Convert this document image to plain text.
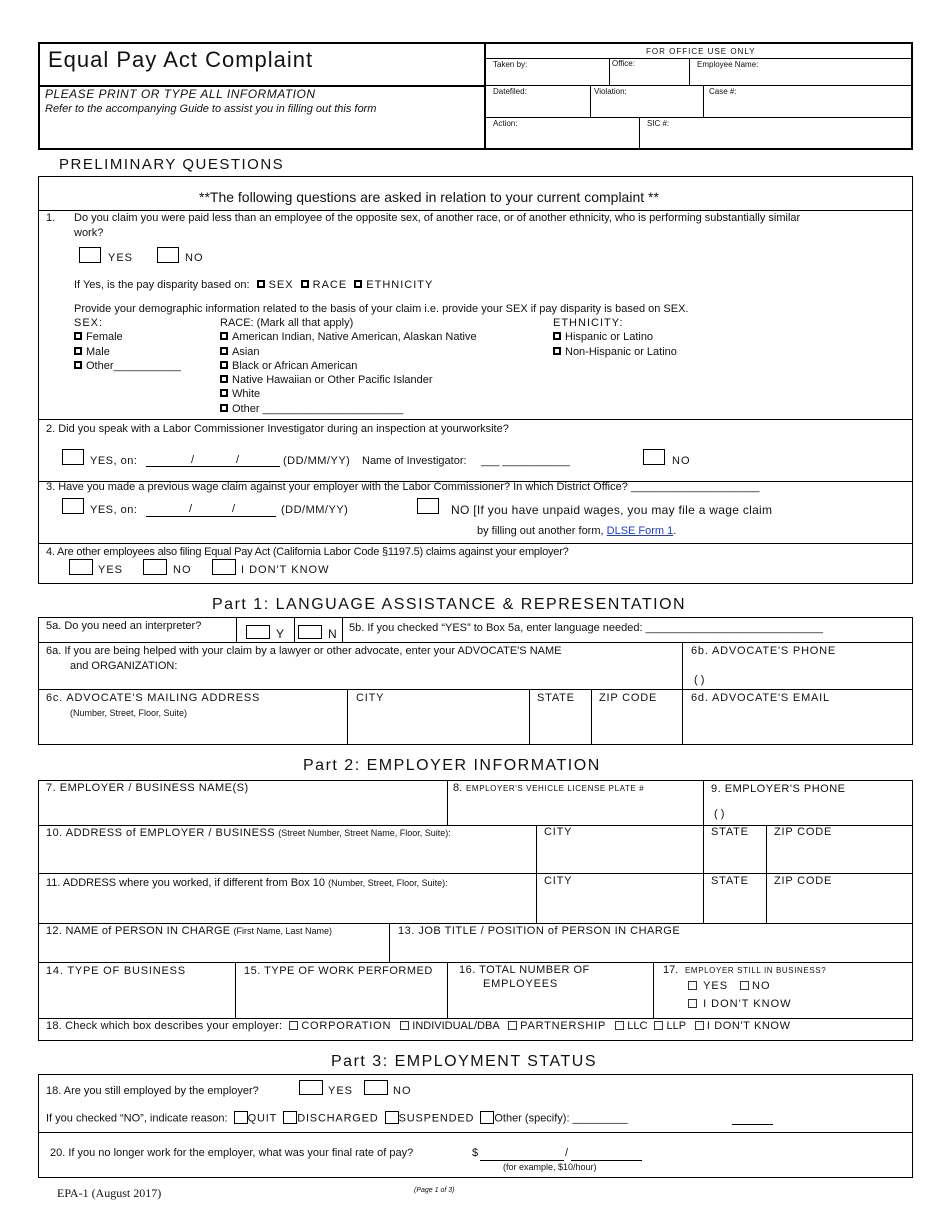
Equal Pay Act Complaint
PLEASE PRINT OR TYPE ALL INFORMATION
Refer to the accompanying Guide to assist you in filling out this form
FOR OFFICE USE ONLY
Taken by:	Office:	Employee Name:
Datefiled:	Violation:	Case #:
Action:	SIC #:
PRELIMINARY QUESTIONS
**The following questions are asked in relation to your current complaint **
1. Do you claim you were paid less than an employee of the opposite sex, of another race, or of another ethnicity, who is performing substantially similar
work?
YES	NO
If Yes, is the pay disparity based on: SEX RACE ETHNICITY
Provide your demographic information related to the basis of your claim i.e. provide your SEX if pay disparity is based on SEX.
SEX:
Female
Male
Other___________
RACE: (Mark all that apply)
American Indian, Native American, Alaskan Native
Asian
Black or African American
Native Hawaiian or Other Pacific Islander
White
Other _______________________
ETHNICITY:
Hispanic or Latino
Non-Hispanic or Latino
2. Did you speak with a Labor Commissioner Investigator during an inspection at yourworksite?
YES, on:	/	/	(DD/MM/YY) Name of Investigator: ___ ___________	NO
3. Have you made a previous wage claim against your employer with the Labor Commissioner? In which District Office? _____________________
YES, on:	/	/	(DD/MM/YY)	NO [If you have unpaid wages, you may file a wage claim
by filling out another form, DLSE Form 1.
4. Are other employees also filing Equal Pay Act (California Labor Code §1197.5) claims against your employer?
YES	NO	I DON'T KNOW
Part 1: LANGUAGE ASSISTANCE & REPRESENTATION
5a. Do you need an interpreter?
Y	N 5b. If you checked “YES” to Box 5a, enter language needed: _____________________________
6a. If you are being helped with your claim by a lawyer or other advocate, enter your ADVOCATE'S NAME
and ORGANIZATION:
6b. ADVOCATE'S PHONE
( )
6c. ADVOCATE'S MAILING ADDRESS
(Number, Street, Floor, Suite)
CITY	STATE ZIP CODE	6d. ADVOCATE'S EMAIL
Part 2: EMPLOYER INFORMATION
7. EMPLOYER / BUSINESS NAME(S)	8. EMPLOYER'S VEHICLE LICENSE PLATE #	9. EMPLOYER'S PHONE
( )
10. ADDRESS of EMPLOYER / BUSINESS (Street Number, Street Name, Floor, Suite):	CITY	STATE ZIP CODE
11. ADDRESS where you worked, if different from Box 10 (Number, Street, Floor, Suite):	CITY	STATE ZIP CODE
12. NAME of PERSON IN CHARGE (First Name, Last Name)	13. JOB TITLE / POSITION of PERSON IN CHARGE
14. TYPE OF BUSINESS	15. TYPE OF WORK PERFORMED 16. TOTAL NUMBER OF
EMPLOYEES
17. EMPLOYER STILL IN BUSINESS?
YES	NO
I DON'T KNOW
18. Check which box describes your employer: CORPORATION INDIVIDUAL/DBA PARTNERSHIP LLC LLP I DON'T KNOW
Part 3: EMPLOYMENT STATUS
18. Are you still employed by the employer?	YES	NO
If you checked “NO”, indicate reason: QUIT DISCHARGED SUSPENDED Other (specify): _________
20. If you no longer work for the employer, what was your final rate of pay?	$	/
(for example, $10/hour)
EPA-1 (August 2017)	(Page 1 of 3)
